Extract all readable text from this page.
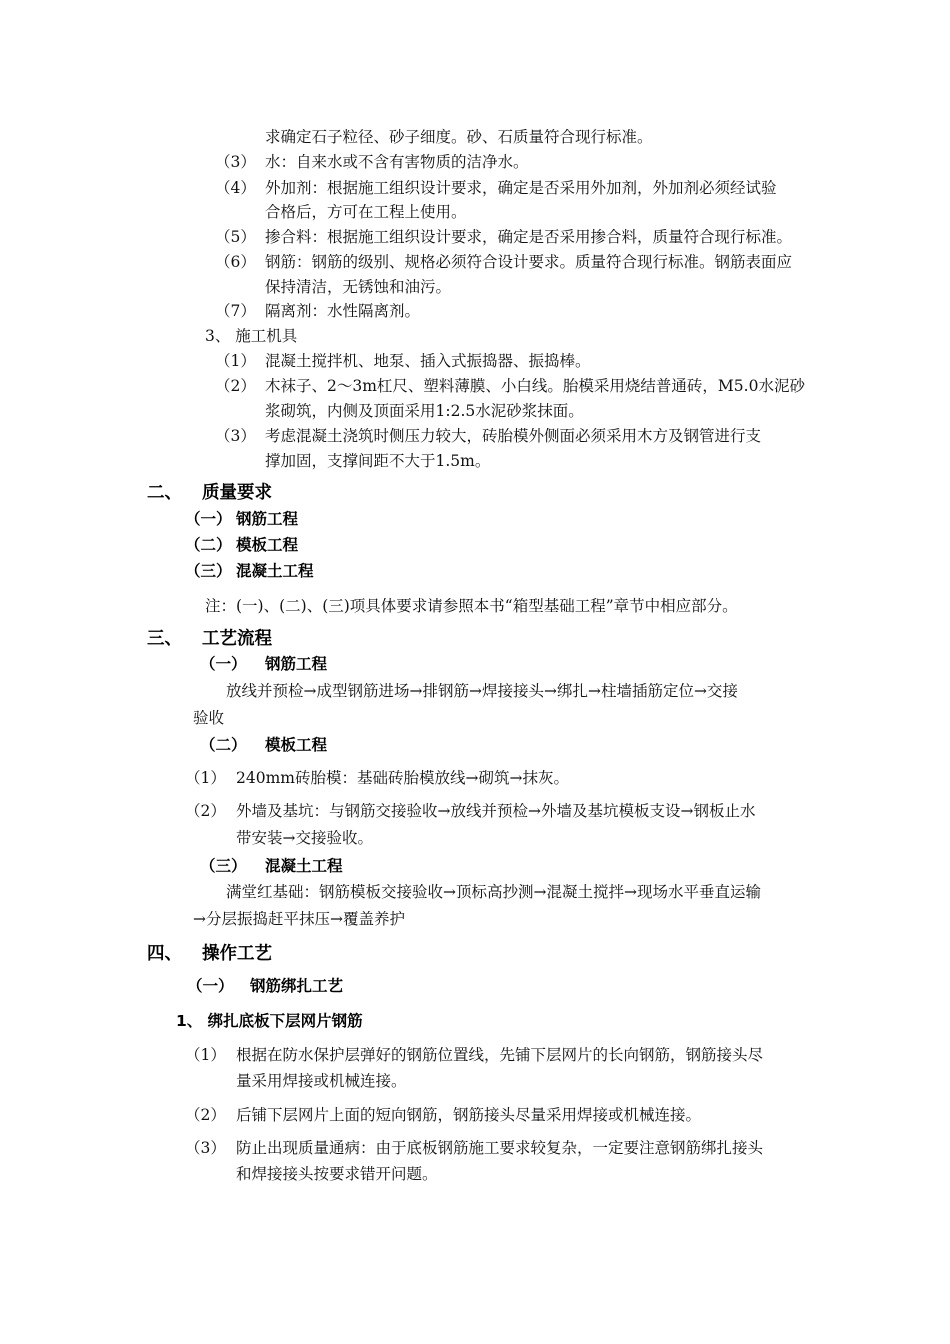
求确定石子粒径、砂子细度。砂、石质量符合现行标准。
（3） 水：自来水或不含有害物质的洁净水。
（4） 外加剂：根据施工组织设计要求，确定是否采用外加剂，外加剂必须经试验
合格后，方可在工程上使用。
（5） 掺合料：根据施工组织设计要求，确定是否采用掺合料，质量符合现行标准。
（6） 钢筋：钢筋的级别、规格必须符合设计要求。质量符合现行标准。钢筋表面应
保持清洁，无锈蚀和油污。
（7） 隔离剂：水性隔离剂。
3、 施工机具
（1） 混凝土搅拌机、地泵、插入式振捣器、振捣棒。
（2） 木袜子、2～3m杠尺、塑料薄膜、小白线。胎模采用烧结普通砖，M5.0水泥砂
浆砌筑，内侧及顶面采用1:2.5水泥砂浆抹面。
（3） 考虑混凝土浇筑时侧压力较大，砖胎模外侧面必须采用木方及钢管进行支
撑加固，支撑间距不大于1.5m。
二、 质量要求
（一） 钢筋工程
（二） 模板工程
（三） 混凝土工程
注：(一)、(二)、(三)项具体要求请参照本书“箱型基础工程”章节中相应部分。
三、 工艺流程
（一） 钢筋工程
放线并预检→成型钢筋进场→排钢筋→焊接接头→绑扎→柱墙插筋定位→交接
验收
（二） 模板工程
（1） 240mm砖胎模：基础砖胎模放线→砌筑→抹灰。
（2） 外墙及基坑：与钢筋交接验收→放线并预检→外墙及基坑模板支设→钢板止水
带安装→交接验收。
（三） 混凝土工程
满堂红基础：钢筋模板交接验收→顶标高抄测→混凝土搅拌→现场水平垂直运输
→分层振捣赶平抹压→覆盖养护
四、 操作工艺
（一） 钢筋绑扎工艺
1、 绑扎底板下层网片钢筋
（1） 根据在防水保护层弹好的钢筋位置线，先铺下层网片的长向钢筋，钢筋接头尽
量采用焊接或机械连接。
（2） 后铺下层网片上面的短向钢筋，钢筋接头尽量采用焊接或机械连接。
（3） 防止出现质量通病：由于底板钢筋施工要求较复杂，一定要注意钢筋绑扎接头
和焊接接头按要求错开问题。
